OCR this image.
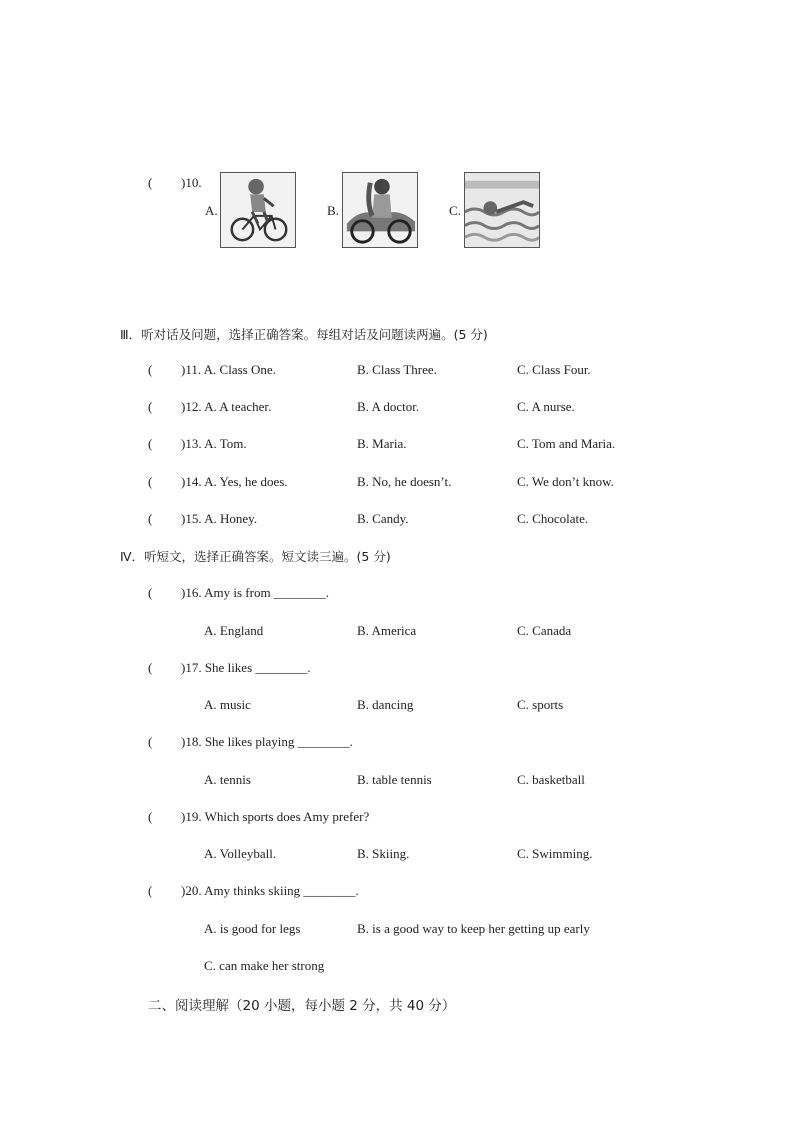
( )10.
A.	B.	C.
Ⅲ．听对话及问题，选择正确答案。每组对话及问题读两遍。(5 分)
( )11. A. Class One.	B. Class Three.	C. Class Four.
( )12. A. A teacher.	B. A doctor.	C. A nurse.
( )13. A. Tom.	B. Maria.	C. Tom and Maria.
( )14. A. Yes, he does.	B. No, he doesn’t.	C. We don’t know.
( )15. A. Honey.	B. Candy.	C. Chocolate.
Ⅳ．听短文，选择正确答案。短文读三遍。(5 分)
( )16. Amy is from ________.
A. England	B. America	C. Canada
( )17. She likes ________.
A. music	B. dancing	C. sports
( )18. She likes playing ________.
A. tennis	B. table tennis	C. basketball
( )19. Which sports does Amy prefer?
A. Volleyball.	B. Skiing.	C. Swimming.
( )20. Amy thinks skiing ________.
A. is good for legs	B. is a good way to keep her getting up early
C. can make her strong
二、阅读理解（20 小题，每小题 2 分，共 40 分）
